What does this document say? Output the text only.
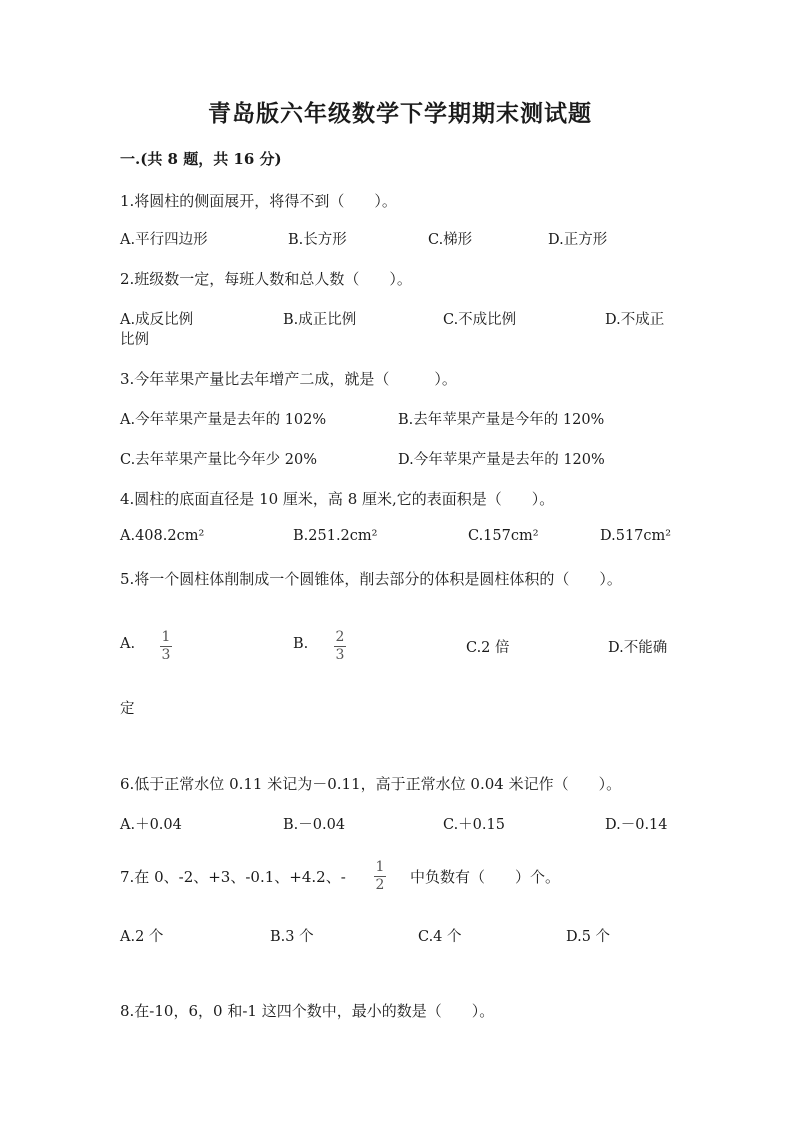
青岛版六年级数学下学期期末测试题
一.(共 8 题，共 16 分)
1.将圆柱的侧面展开，将得不到（　　）。
A.平行四边形	B.长方形	C.梯形	D.正方形
2.班级数一定，每班人数和总人数（　　）。
A.成反比例	B.成正比例	C.不成比例	D.不成正
比例
3.今年苹果产量比去年增产二成，就是（　　　）。
A.今年苹果产量是去年的 102%	B.去年苹果产量是今年的 120%
C.去年苹果产量比今年少 20%	D.今年苹果产量是去年的 120%
4.圆柱的底面直径是 10 厘米，高 8 厘米,它的表面积是（　　）。
A.408.2cm²	B.251.2cm²	C.157cm²	D.517cm²
5.将一个圆柱体削制成一个圆锥体，削去部分的体积是圆柱体积的（　　）。
A. 1
3
B. 2
3	C.2 倍	D.不能确
定
6.低于正常水位 0.11 米记为－0.11，高于正常水位 0.04 米记作（　　）。
A.＋0.04	B.－0.04	C.＋0.15	D.－0.14
7.在 0、-2、+3、-0.1、+4.2、-
1
2 中负数有（　　）个。
A.2 个	B.3 个	C.4 个	D.5 个
8.在-10，6，0 和-1 这四个数中，最小的数是（　　）。
